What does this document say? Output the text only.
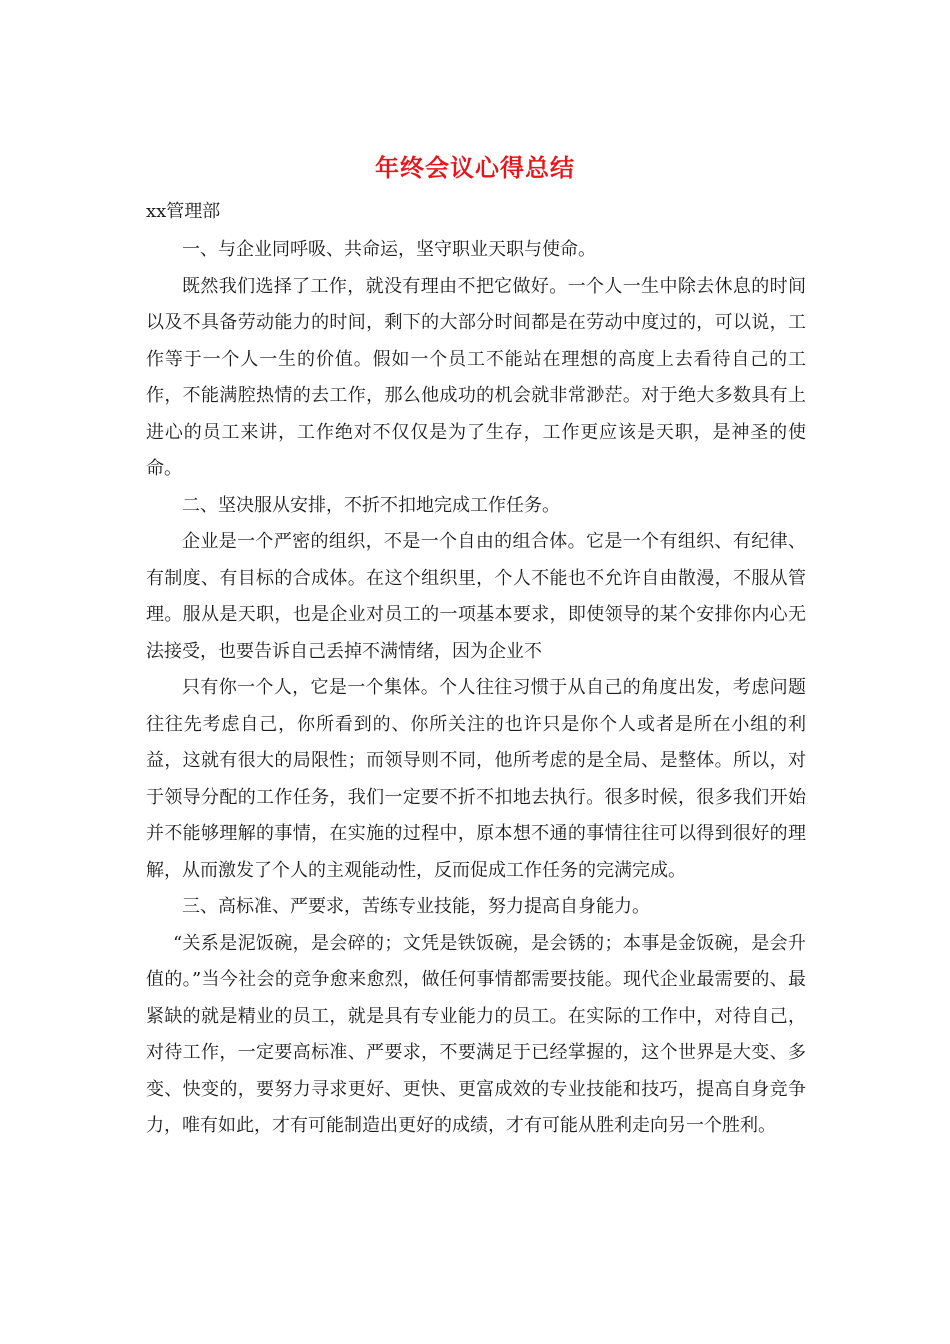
年终会议心得总结
xx管理部

一、与企业同呼吸、共命运，坚守职业天职与使命。

既然我们选择了工作，就没有理由不把它做好。一个人一生中除去休息的时间以及不具备劳动能力的时间，剩下的大部分时间都是在劳动中度过的，可以说，工作等于一个人一生的价值。假如一个员工不能站在理想的高度上去看待自己的工作，不能满腔热情的去工作，那么他成功的机会就非常渺茫。对于绝大多数具有上进心的员工来讲，工作绝对不仅仅是为了生存，工作更应该是天职，是神圣的使命。

二、坚决服从安排，不折不扣地完成工作任务。

企业是一个严密的组织，不是一个自由的组合体。它是一个有组织、有纪律、有制度、有目标的合成体。在这个组织里，个人不能也不允许自由散漫，不服从管理。服从是天职，也是企业对员工的一项基本要求，即使领导的某个安排你内心无法接受，也要告诉自己丢掉不满情绪，因为企业不

只有你一个人，它是一个集体。个人往往习惯于从自己的角度出发，考虑问题往往先考虑自己，你所看到的、你所关注的也许只是你个人或者是所在小组的利益，这就有很大的局限性；而领导则不同，他所考虑的是全局、是整体。所以，对于领导分配的工作任务，我们一定要不折不扣地去执行。很多时候，很多我们开始并不能够理解的事情，在实施的过程中，原本想不通的事情往往可以得到很好的理解，从而激发了个人的主观能动性，反而促成工作任务的完满完成。

三、高标准、严要求，苦练专业技能，努力提高自身能力。

“关系是泥饭碗，是会碎的；文凭是铁饭碗，是会锈的；本事是金饭碗，是会升值的。”当今社会的竞争愈来愈烈，做任何事情都需要技能。现代企业最需要的、最紧缺的就是精业的员工，就是具有专业能力的员工。在实际的工作中，对待自己，对待工作，一定要高标准、严要求，不要满足于已经掌握的，这个世界是大变、多变、快变的，要努力寻求更好、更快、更富成效的专业技能和技巧，提高自身竞争力，唯有如此，才有可能制造出更好的成绩，才有可能从胜利走向另一个胜利。
